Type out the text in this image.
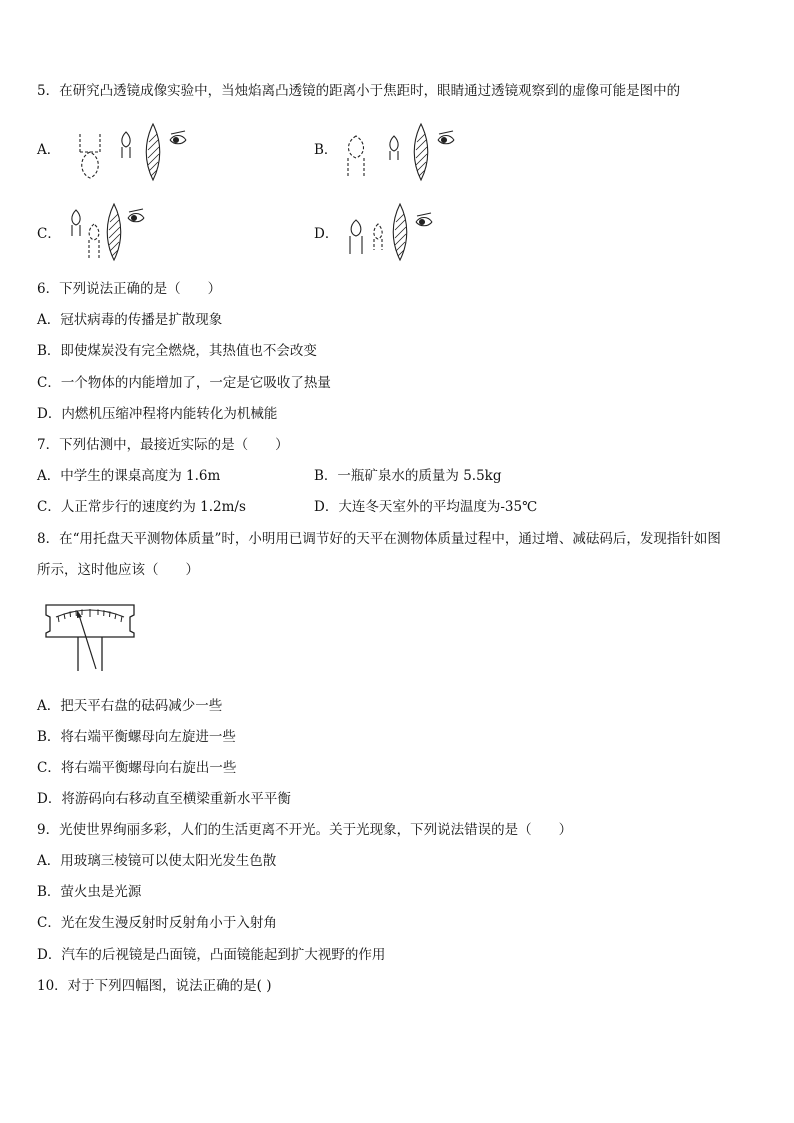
5．在研究凸透镜成像实验中，当烛焰离凸透镜的距离小于焦距时，眼睛通过透镜观察到的虚像可能是图中的
A．	B．
C．	D．
6．下列说法正确的是（　　）
A．冠状病毒的传播是扩散现象
B．即使煤炭没有完全燃烧，其热值也不会改变
C．一个物体的内能增加了，一定是它吸收了热量
D．内燃机压缩冲程将内能转化为机械能
7．下列估测中，最接近实际的是（　　）
A．中学生的课桌高度为 1.6m	B．一瓶矿泉水的质量为 5.5kg
C．人正常步行的速度约为 1.2m/s	D．大连冬天室外的平均温度为-35℃
8．在“用托盘天平测物体质量”时，小明用已调节好的天平在测物体质量过程中，通过增、减砝码后，发现指针如图
所示，这时他应该（　　）
A．把天平右盘的砝码减少一些
B．将右端平衡螺母向左旋进一些
C．将右端平衡螺母向右旋出一些
D．将游码向右移动直至横梁重新水平平衡
9．光使世界绚丽多彩，人们的生活更离不开光。关于光现象，下列说法错误的是（　　）
A．用玻璃三棱镜可以使太阳光发生色散
B．萤火虫是光源
C．光在发生漫反射时反射角小于入射角
D．汽车的后视镜是凸面镜，凸面镜能起到扩大视野的作用
10．对于下列四幅图，说法正确的是( )
